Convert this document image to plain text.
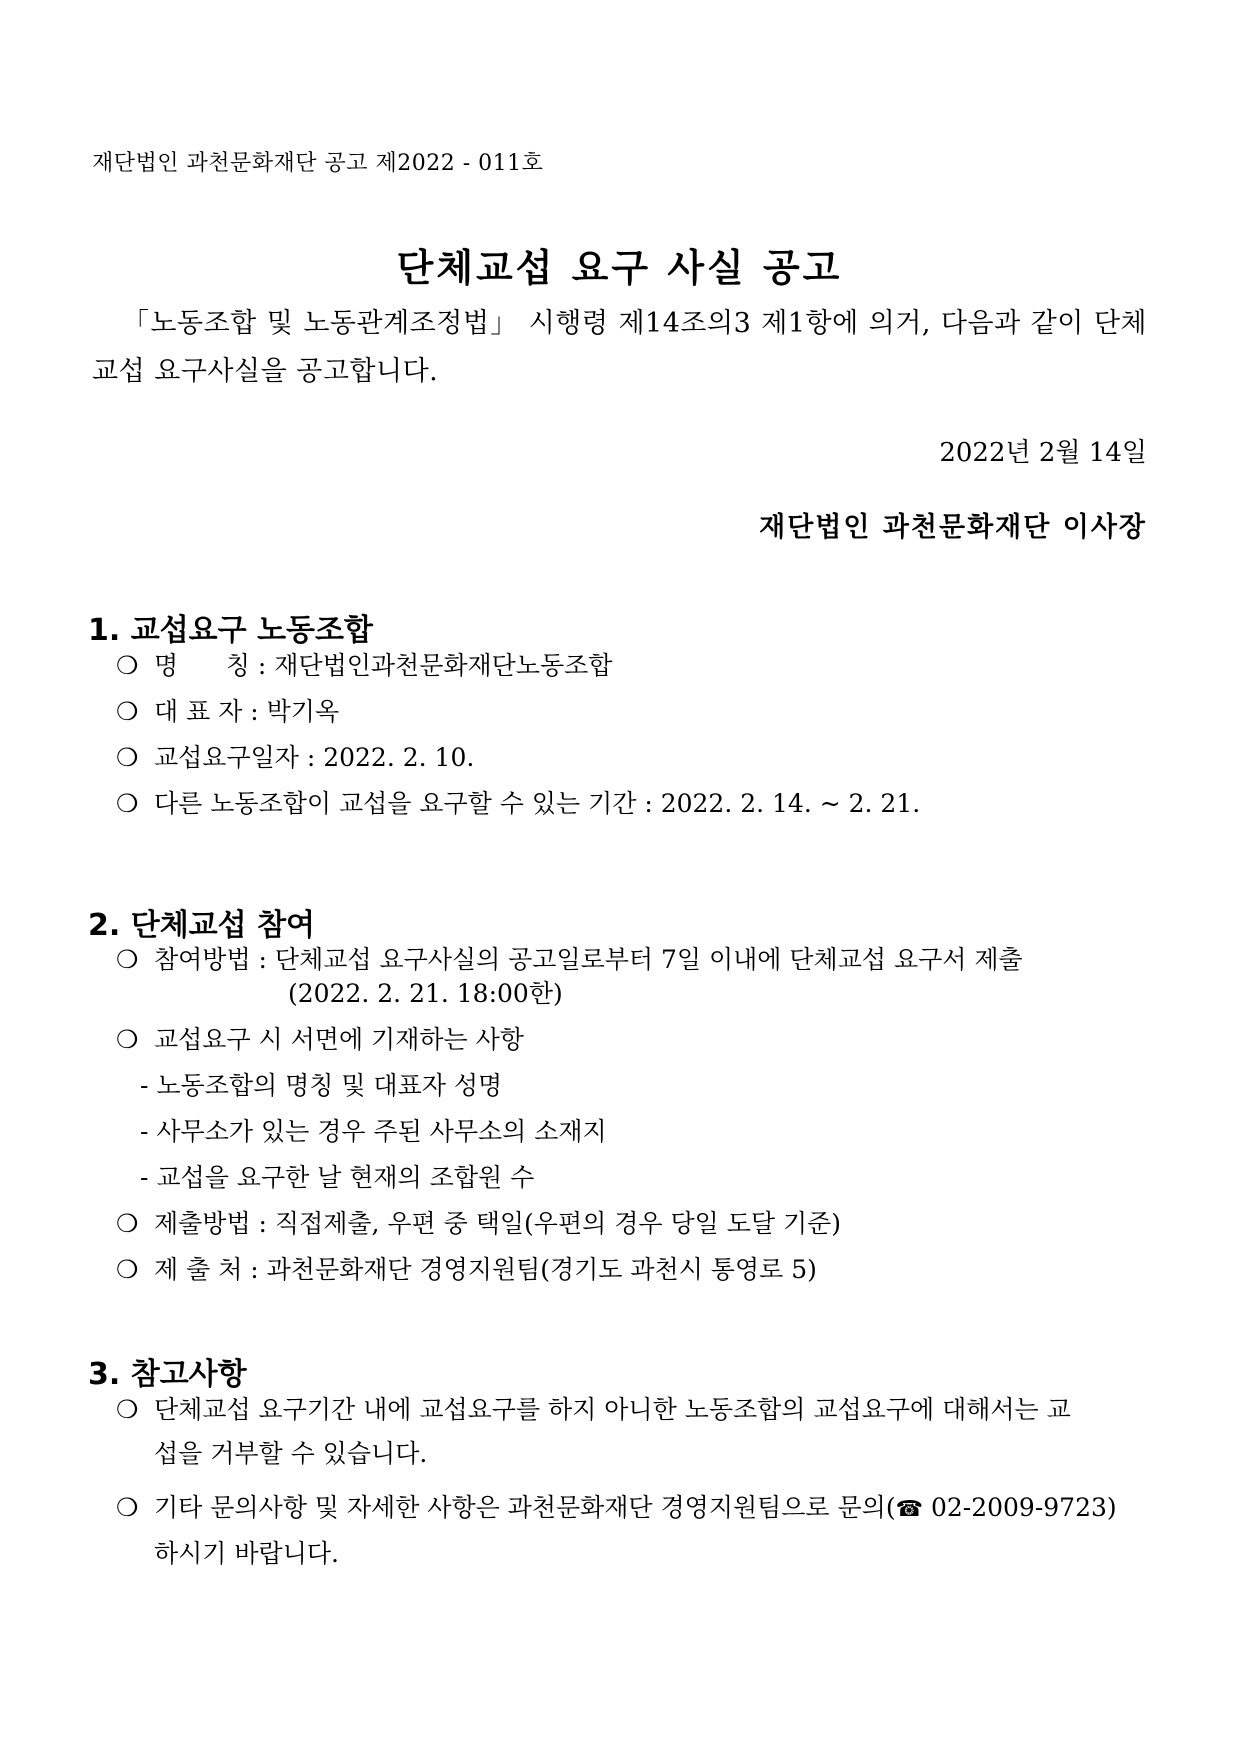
재단법인 과천문화재단 공고 제2022 - 011호
단체교섭 요구 사실 공고
「노동조합 및 노동관계조정법」 시행령 제14조의3 제1항에 의거, 다음과 같이 단체교섭 요구사실을 공고합니다.
2022년 2월 14일
재단법인 과천문화재단 이사장
1. 교섭요구 노동조합
❍ 명      칭 : 재단법인과천문화재단노동조합
❍ 대 표 자 : 박기옥
❍ 교섭요구일자 : 2022. 2. 10.
❍ 다른 노동조합이 교섭을 요구할 수 있는 기간 : 2022. 2. 14. ~ 2. 21.
2. 단체교섭 참여
❍ 참여방법 : 단체교섭 요구사실의 공고일로부터 7일 이내에 단체교섭 요구서 제출
(2022. 2. 21. 18:00한)
❍ 교섭요구 시 서면에 기재하는 사항
- 노동조합의 명칭 및 대표자 성명
- 사무소가 있는 경우 주된 사무소의 소재지
- 교섭을 요구한 날 현재의 조합원 수
❍ 제출방법 : 직접제출, 우편 중 택일(우편의 경우 당일 도달 기준)
❍ 제 출 처 : 과천문화재단 경영지원팀(경기도 과천시 통영로 5)
3. 참고사항
❍ 단체교섭 요구기간 내에 교섭요구를 하지 아니한 노동조합의 교섭요구에 대해서는 교
섭을 거부할 수 있습니다.
❍ 기타 문의사항 및 자세한 사항은 과천문화재단 경영지원팀으로 문의(☎ 02-2009-9723)
하시기 바랍니다.
